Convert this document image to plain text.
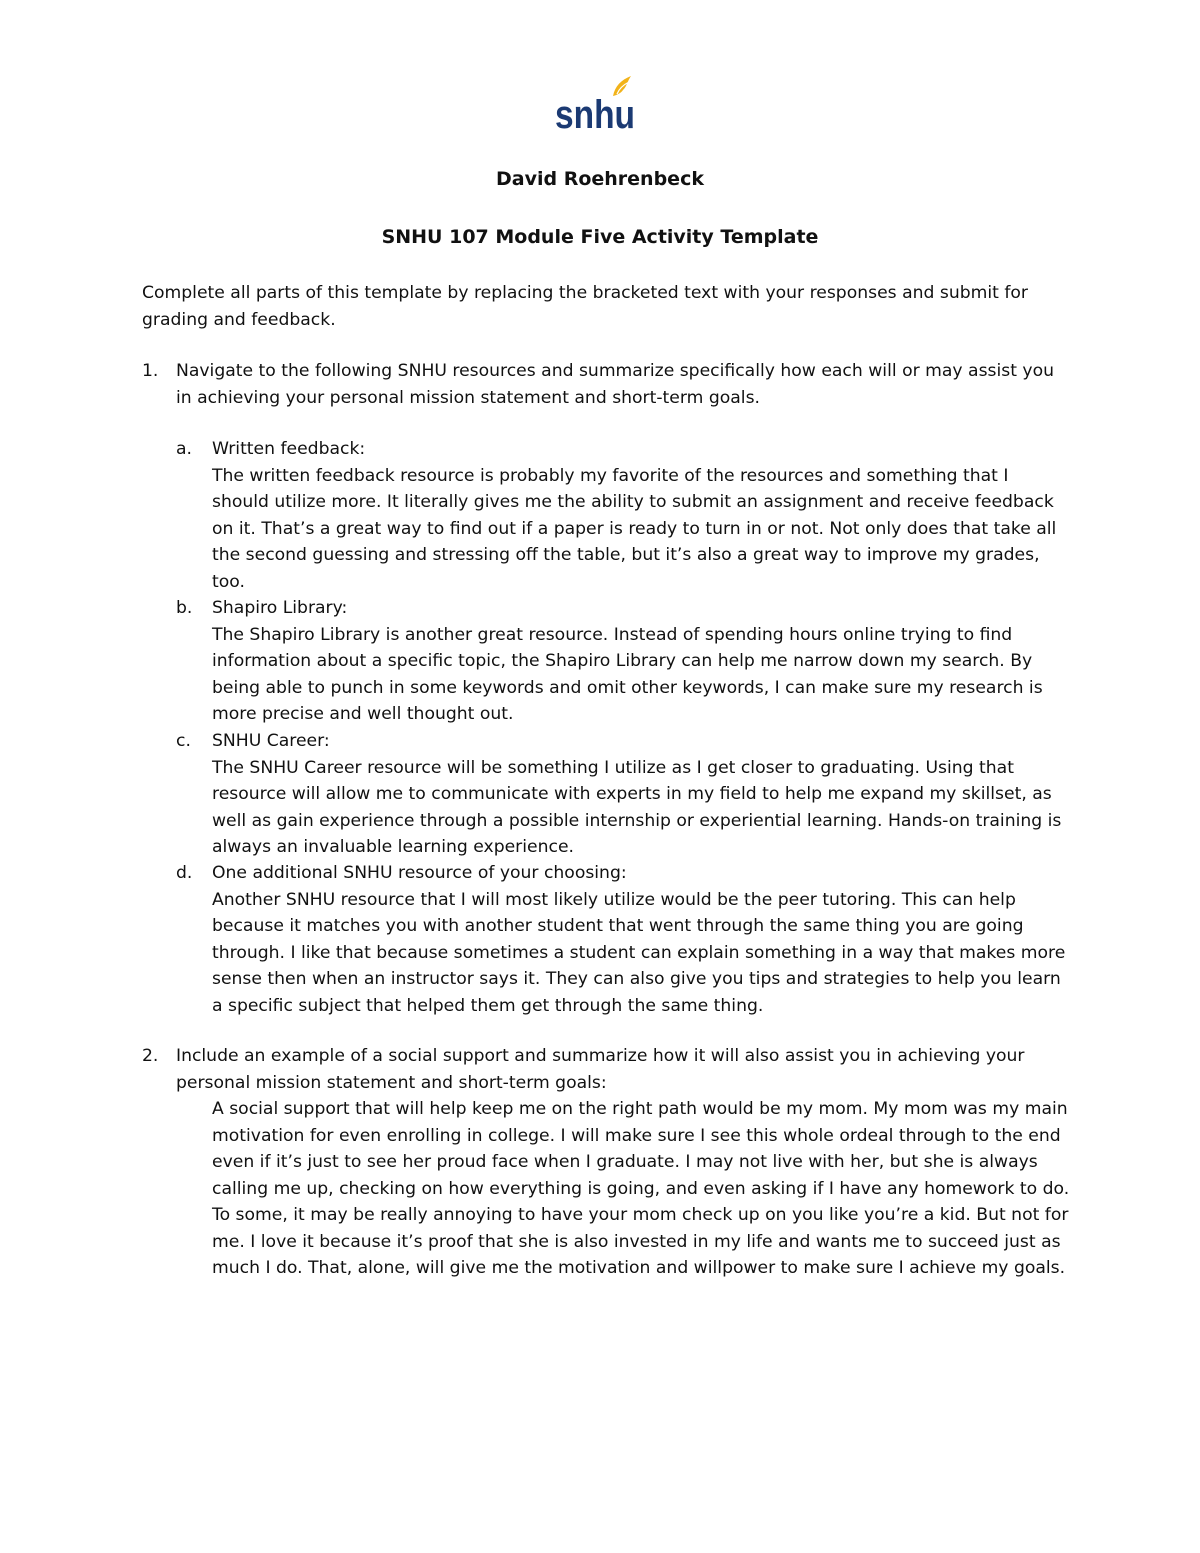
snhu
David Roehrenbeck
SNHU 107 Module Five Activity Template
Complete all parts of this template by replacing the bracketed text with your responses and submit for grading and feedback.
1. Navigate to the following SNHU resources and summarize specifically how each will or may assist you in achieving your personal mission statement and short-term goals.
a. Written feedback:
The written feedback resource is probably my favorite of the resources and something that I should utilize more. It literally gives me the ability to submit an assignment and receive feedback on it. That’s a great way to find out if a paper is ready to turn in or not. Not only does that take all the second guessing and stressing off the table, but it’s also a great way to improve my grades, too.
b. Shapiro Library:
The Shapiro Library is another great resource. Instead of spending hours online trying to find information about a specific topic, the Shapiro Library can help me narrow down my search. By being able to punch in some keywords and omit other keywords, I can make sure my research is more precise and well thought out.
c. SNHU Career:
The SNHU Career resource will be something I utilize as I get closer to graduating. Using that resource will allow me to communicate with experts in my field to help me expand my skillset, as well as gain experience through a possible internship or experiential learning. Hands-on training is always an invaluable learning experience.
d. One additional SNHU resource of your choosing:
Another SNHU resource that I will most likely utilize would be the peer tutoring. This can help because it matches you with another student that went through the same thing you are going through. I like that because sometimes a student can explain something in a way that makes more sense then when an instructor says it. They can also give you tips and strategies to help you learn a specific subject that helped them get through the same thing.
2. Include an example of a social support and summarize how it will also assist you in achieving your personal mission statement and short-term goals:
A social support that will help keep me on the right path would be my mom. My mom was my main motivation for even enrolling in college. I will make sure I see this whole ordeal through to the end even if it’s just to see her proud face when I graduate. I may not live with her, but she is always calling me up, checking on how everything is going, and even asking if I have any homework to do. To some, it may be really annoying to have your mom check up on you like you’re a kid. But not for me. I love it because it’s proof that she is also invested in my life and wants me to succeed just as much I do. That, alone, will give me the motivation and willpower to make sure I achieve my goals.
